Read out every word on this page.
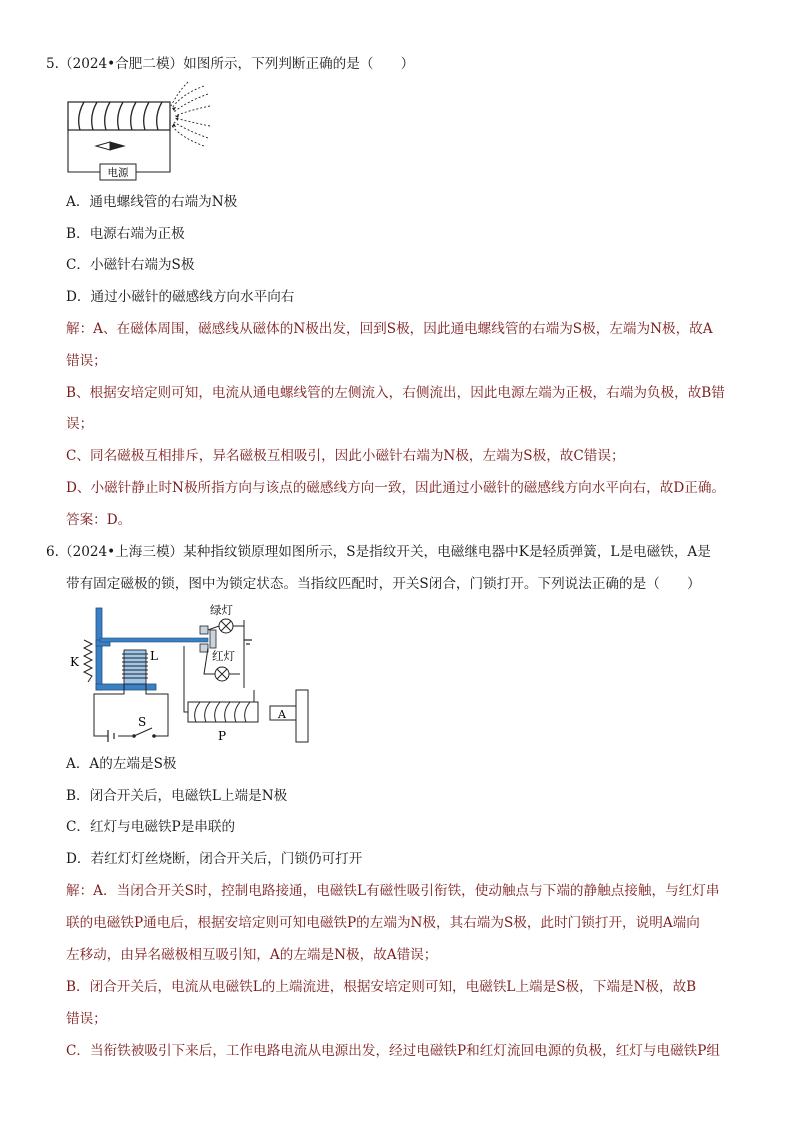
5.（2024•合肥二模）如图所示，下列判断正确的是（　　）
电源
A．通电螺线管的右端为N极
B．电源右端为正极
C．小磁针右端为S极
D．通过小磁针的磁感线方向水平向右
解：A、在磁体周围，磁感线从磁体的N极出发，回到S极，因此通电螺线管的右端为S极，左端为N极，故A
错误；
B、根据安培定则可知，电流从通电螺线管的左侧流入，右侧流出，因此电源左端为正极，右端为负极，故B错
误；
C、同名磁极互相排斥，异名磁极互相吸引，因此小磁针右端为N极，左端为S极，故C错误；
D、小磁针静止时N极所指方向与该点的磁感线方向一致，因此通过小磁针的磁感线方向水平向右，故D正确。
答案：D。
6.（2024•上海三模）某种指纹锁原理如图所示，S是指纹开关，电磁继电器中K是轻质弹簧，L是电磁铁，A是
带有固定磁极的锁，图中为锁定状态。当指纹匹配时，开关S闭合，门锁打开。下列说法正确的是（　　）
K	L
绿灯
红灯
P
A
S
A．A的左端是S极
B．闭合开关后，电磁铁L上端是N极
C．红灯与电磁铁P是串联的
D．若红灯灯丝烧断，闭合开关后，门锁仍可打开
解：A．当闭合开关S时，控制电路接通，电磁铁L有磁性吸引衔铁，使动触点与下端的静触点接触，与红灯串
联的电磁铁P通电后，根据安培定则可知电磁铁P的左端为N极，其右端为S极，此时门锁打开，说明A端向
左移动，由异名磁极相互吸引知，A的左端是N极，故A错误；
B．闭合开关后，电流从电磁铁L的上端流进，根据安培定则可知，电磁铁L上端是S极，下端是N极，故B
错误；
C．当衔铁被吸引下来后，工作电路电流从电源出发，经过电磁铁P和红灯流回电源的负极，红灯与电磁铁P组
